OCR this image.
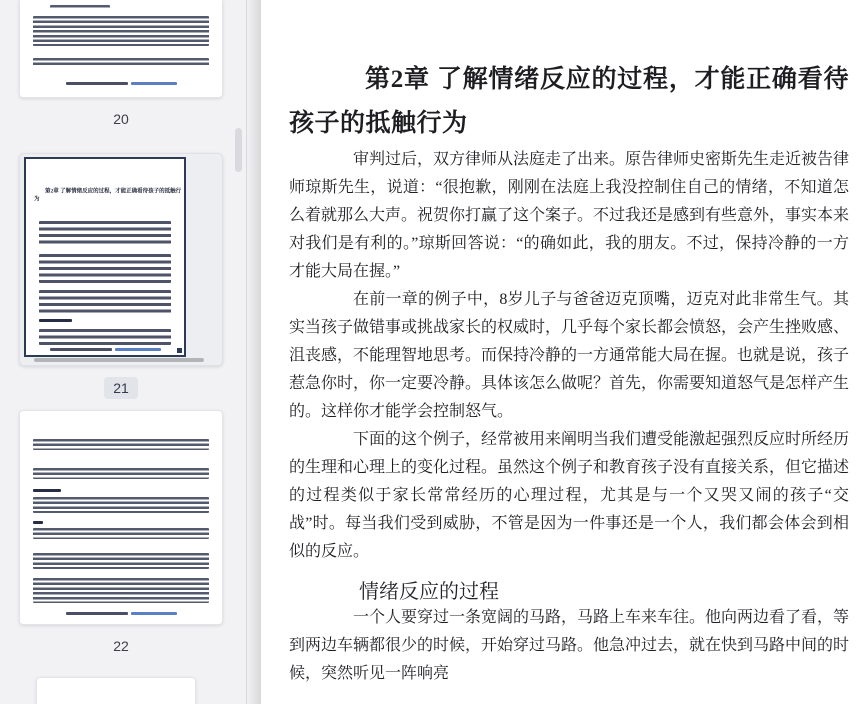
20
第2章 了解情绪反应的过程，才能正确看待孩子的抵触行为
21
22
第2章 了解情绪反应的过程，才能正确看待孩子的抵触行为

审判过后，双方律师从法庭走了出来。原告律师史密斯先生走近被告律师琼斯先生，说道：“很抱歉，刚刚在法庭上我没控制住自己的情绪，不知道怎么着就那么大声。祝贺你打赢了这个案子。不过我还是感到有些意外，事实本来对我们是有利的。”琼斯回答说：“的确如此，我的朋友。不过，保持冷静的一方才能大局在握。”

在前一章的例子中，8岁儿子与爸爸迈克顶嘴，迈克对此非常生气。其实当孩子做错事或挑战家长的权威时，几乎每个家长都会愤怒，会产生挫败感、沮丧感，不能理智地思考。而保持冷静的一方通常能大局在握。也就是说，孩子惹急你时，你一定要冷静。具体该怎么做呢？首先，你需要知道怒气是怎样产生的。这样你才能学会控制怒气。

下面的这个例子，经常被用来阐明当我们遭受能激起强烈反应时所经历的生理和心理上的变化过程。虽然这个例子和教育孩子没有直接关系，但它描述的过程类似于家长常常经历的心理过程，尤其是与一个又哭又闹的孩子“交战”时。每当我们受到威胁，不管是因为一件事还是一个人，我们都会体会到相似的反应。

情绪反应的过程

一个人要穿过一条宽阔的马路，马路上车来车往。他向两边看了看，等到两边车辆都很少的时候，开始穿过马路。他急冲过去，就在快到马路中间的时候，突然听见一阵响亮
